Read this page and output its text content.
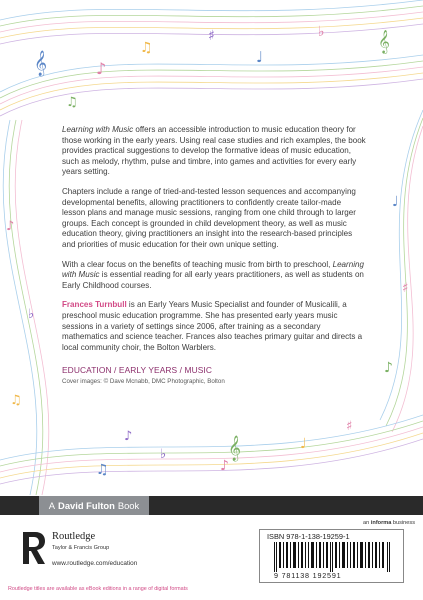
𝄞
𝄞
♪
♫
♯
♩
♭
♫
♪
♭
♫
♩
♯
♪
♫
♭
♪
𝄞	♩
♯
♪

Learning with Music offers an accessible introduction to music education theory for those working in the early years. Using real case studies and rich examples, the book provides practical suggestions to develop the formative ideas of music education, such as melody, rhythm, pulse and timbre, into games and activities for every early years setting.

Chapters include a range of tried-and-tested lesson sequences and accompanying developmental benefits, allowing practitioners to confidently create tailor-made lesson plans and manage music sessions, ranging from one child through to larger groups. Each concept is grounded in child development theory, as well as music education theory, giving practitioners an insight into the research-based principles and priorities of music education for their own unique setting.

With a clear focus on the benefits of teaching music from birth to preschool, Learning with Music is essential reading for all early years practitioners, as well as students on Early Childhood courses.

Frances Turnbull is an Early Years Music Specialist and founder of Musicalili, a preschool music education programme. She has presented early years music sessions in a variety of settings since 2006, after training as a secondary mathematics and science teacher. Frances also teaches primary guitar and directs a local community choir, the Bolton Warblers.

EDUCATION / EARLY YEARS / MUSIC
Cover images: © Dave Mcnabb, DMC Photographic, Bolton
A David Fulton Book
an informa business
Routledge
Taylor & Francis Group
www.routledge.com/education
ISBN 978-1-138-19259-1
9 781138 192591
Routledge titles are available as eBook editions in a range of digital formats
